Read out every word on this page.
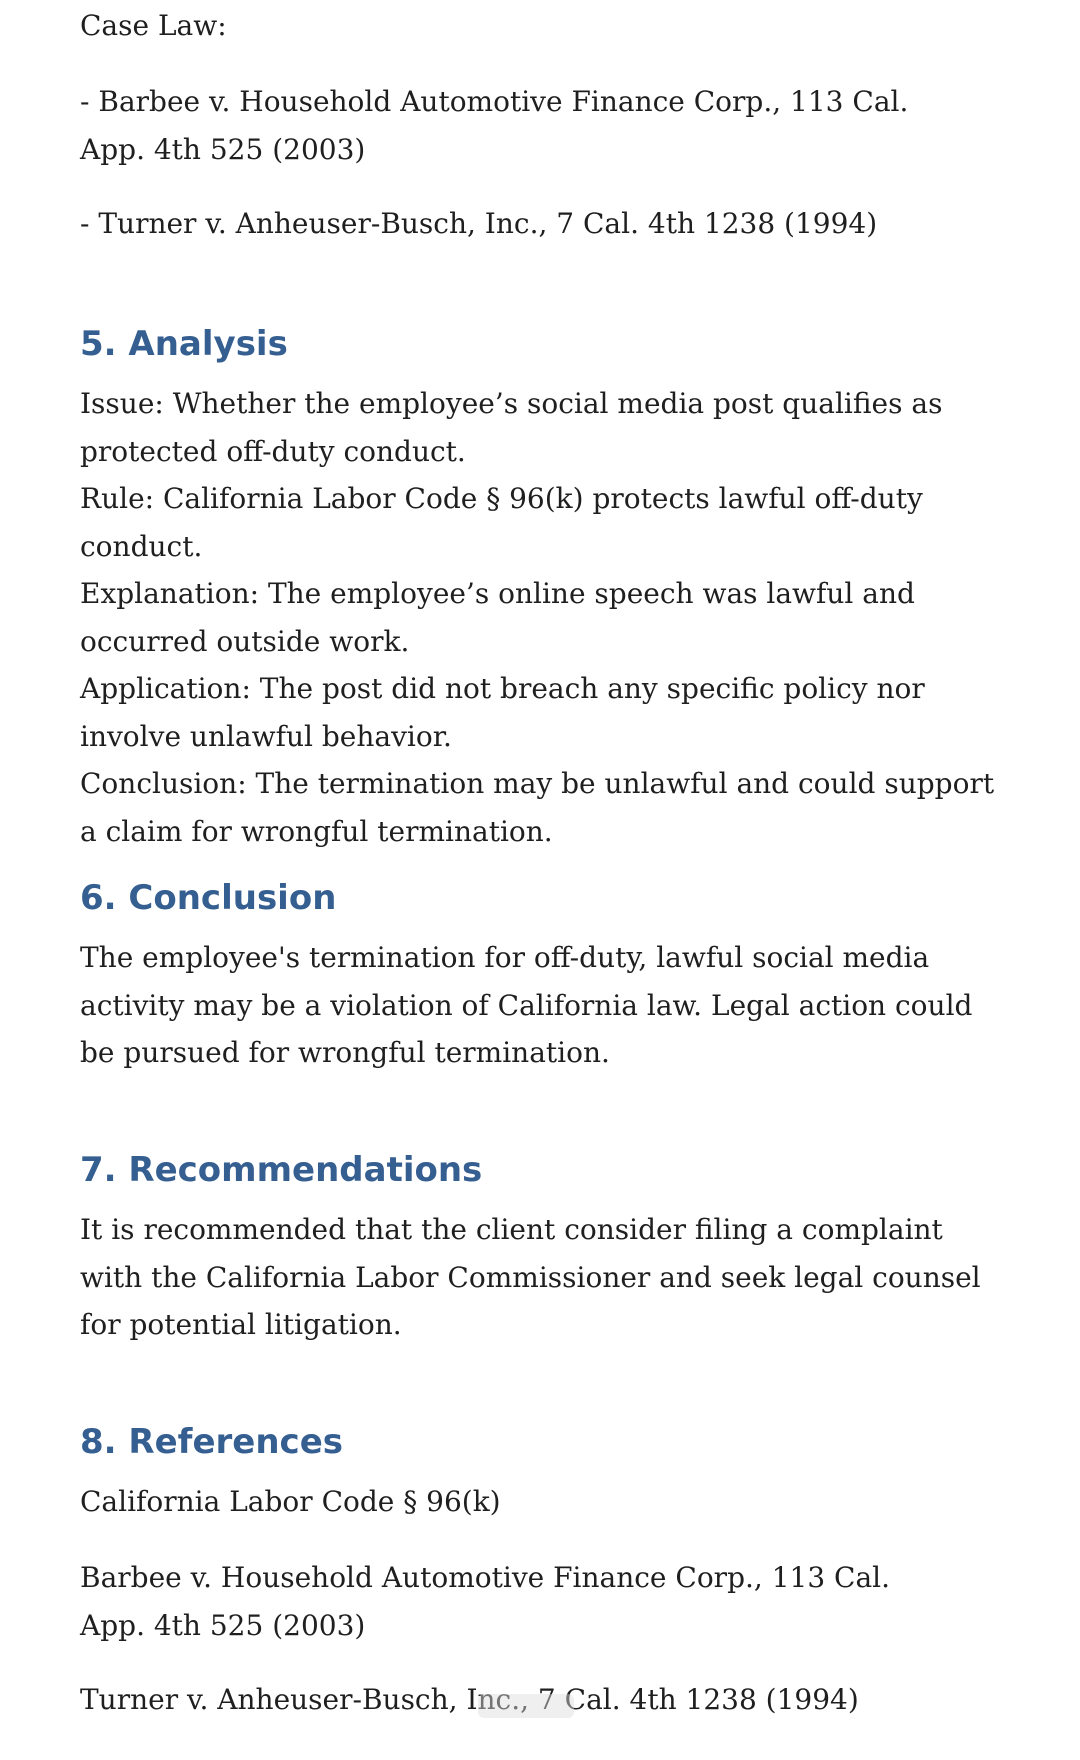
Case Law:

- Barbee v. Household Automotive Finance Corp., 113 Cal. App. 4th 525 (2003)

- Turner v. Anheuser-Busch, Inc., 7 Cal. 4th 1238 (1994)

5. Analysis

Issue: Whether the employee’s social media post qualifies as protected off-duty conduct.

Rule: California Labor Code § 96(k) protects lawful off-duty conduct.

Explanation: The employee’s online speech was lawful and occurred outside work.

Application: The post did not breach any specific policy nor involve unlawful behavior.

Conclusion: The termination may be unlawful and could support a claim for wrongful termination.

6. Conclusion

The employee's termination for off-duty, lawful social media activity may be a violation of California law. Legal action could be pursued for wrongful termination.

7. Recommendations

It is recommended that the client consider filing a complaint with the California Labor Commissioner and seek legal counsel for potential litigation.

8. References

California Labor Code § 96(k)

Barbee v. Household Automotive Finance Corp., 113 Cal. App. 4th 525 (2003)

Turner v. Anheuser-Busch, Inc., 7 Cal. 4th 1238 (1994)
